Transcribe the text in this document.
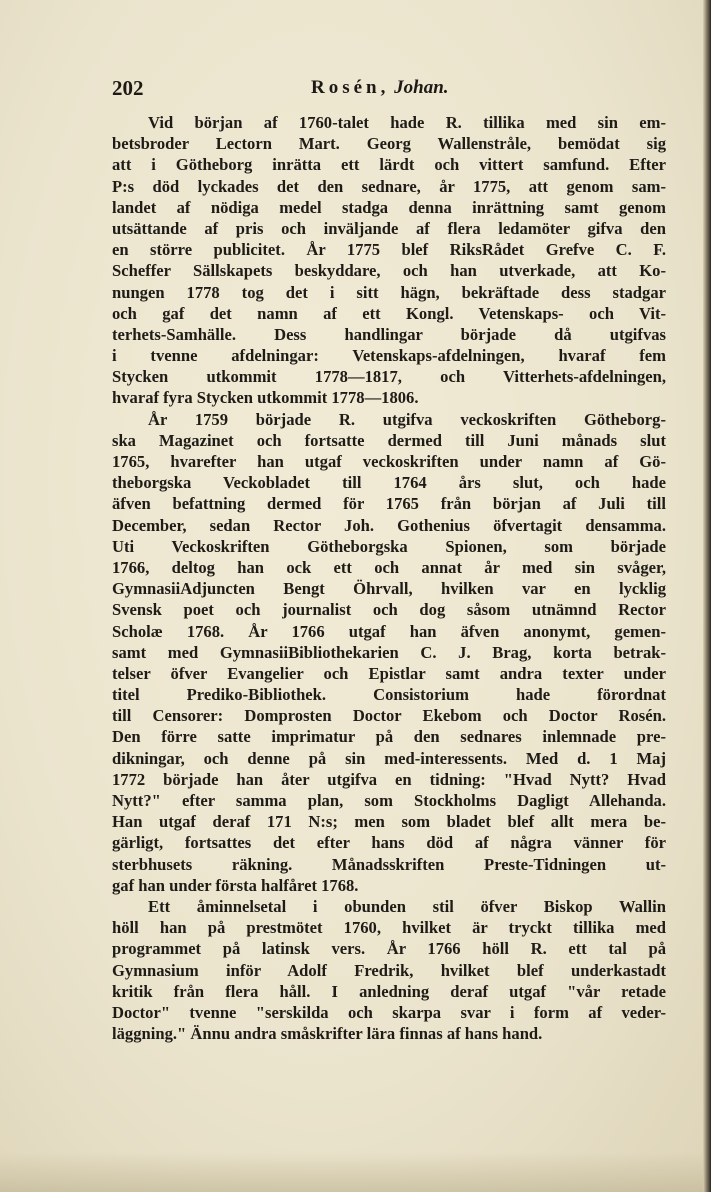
202	Rosén, Johan.
Vid början af 1760-talet hade R. tillika med sin em-
betsbroder Lectorn Mart. Georg Wallenstråle, bemödat sig
att i Götheborg inrätta ett lärdt och vittert samfund. Efter
P:s död lyckades det den sednare, år 1775, att genom sam-
landet af nödiga medel stadga denna inrättning samt genom
utsättande af pris och inväljande af flera ledamöter gifva den
en större publicitet. År 1775 blef RiksRådet Grefve C. F.
Scheffer Sällskapets beskyddare, och han utverkade, att Ko-
nungen 1778 tog det i sitt hägn, bekräftade dess stadgar
och gaf det namn af ett Kongl. Vetenskaps- och Vit-
terhets-Samhälle. Dess handlingar började då utgifvas
i tvenne afdelningar: Vetenskaps-afdelningen, hvaraf fem
Stycken utkommit 1778—1817, och Vitterhets-afdelningen,
hvaraf fyra Stycken utkommit 1778—1806.
År 1759 började R. utgifva veckoskriften Götheborg-
ska Magazinet och fortsatte dermed till Juni månads slut
1765, hvarefter han utgaf veckoskriften under namn af Gö-
theborgska Veckobladet till 1764 års slut, och hade
äfven befattning dermed för 1765 från början af Juli till
December, sedan Rector Joh. Gothenius öfvertagit densamma.
Uti Veckoskriften Götheborgska Spionen, som började
1766, deltog han ock ett och annat år med sin svåger,
GymnasiiAdjuncten Bengt Öhrvall, hvilken var en lycklig
Svensk poet och journalist och dog såsom utnämnd Rector
Scholæ 1768. År 1766 utgaf han äfven anonymt, gemen-
samt med GymnasiiBibliothekarien C. J. Brag, korta betrak-
telser öfver Evangelier och Epistlar samt andra texter under
titel Prediko-Bibliothek. Consistorium hade förordnat
till Censorer: Domprosten Doctor Ekebom och Doctor Rosén.
Den förre satte imprimatur på den sednares inlemnade pre-
dikningar, och denne på sin med-interessents. Med d. 1 Maj
1772 började han åter utgifva en tidning: "Hvad Nytt? Hvad
Nytt?" efter samma plan, som Stockholms Dagligt Allehanda.
Han utgaf deraf 171 N:s; men som bladet blef allt mera be-
gärligt, fortsattes det efter hans död af några vänner för
sterbhusets räkning. Månadsskriften Preste-Tidningen ut-
gaf han under första halfåret 1768.
Ett åminnelsetal i obunden stil öfver Biskop Wallin
höll han på prestmötet 1760, hvilket är tryckt tillika med
programmet på latinsk vers. År 1766 höll R. ett tal på
Gymnasium inför Adolf Fredrik, hvilket blef underkastadt
kritik från flera håll. I anledning deraf utgaf "vår retade
Doctor" tvenne "serskilda och skarpa svar i form af veder-
läggning." Ännu andra småskrifter lära finnas af hans hand.
